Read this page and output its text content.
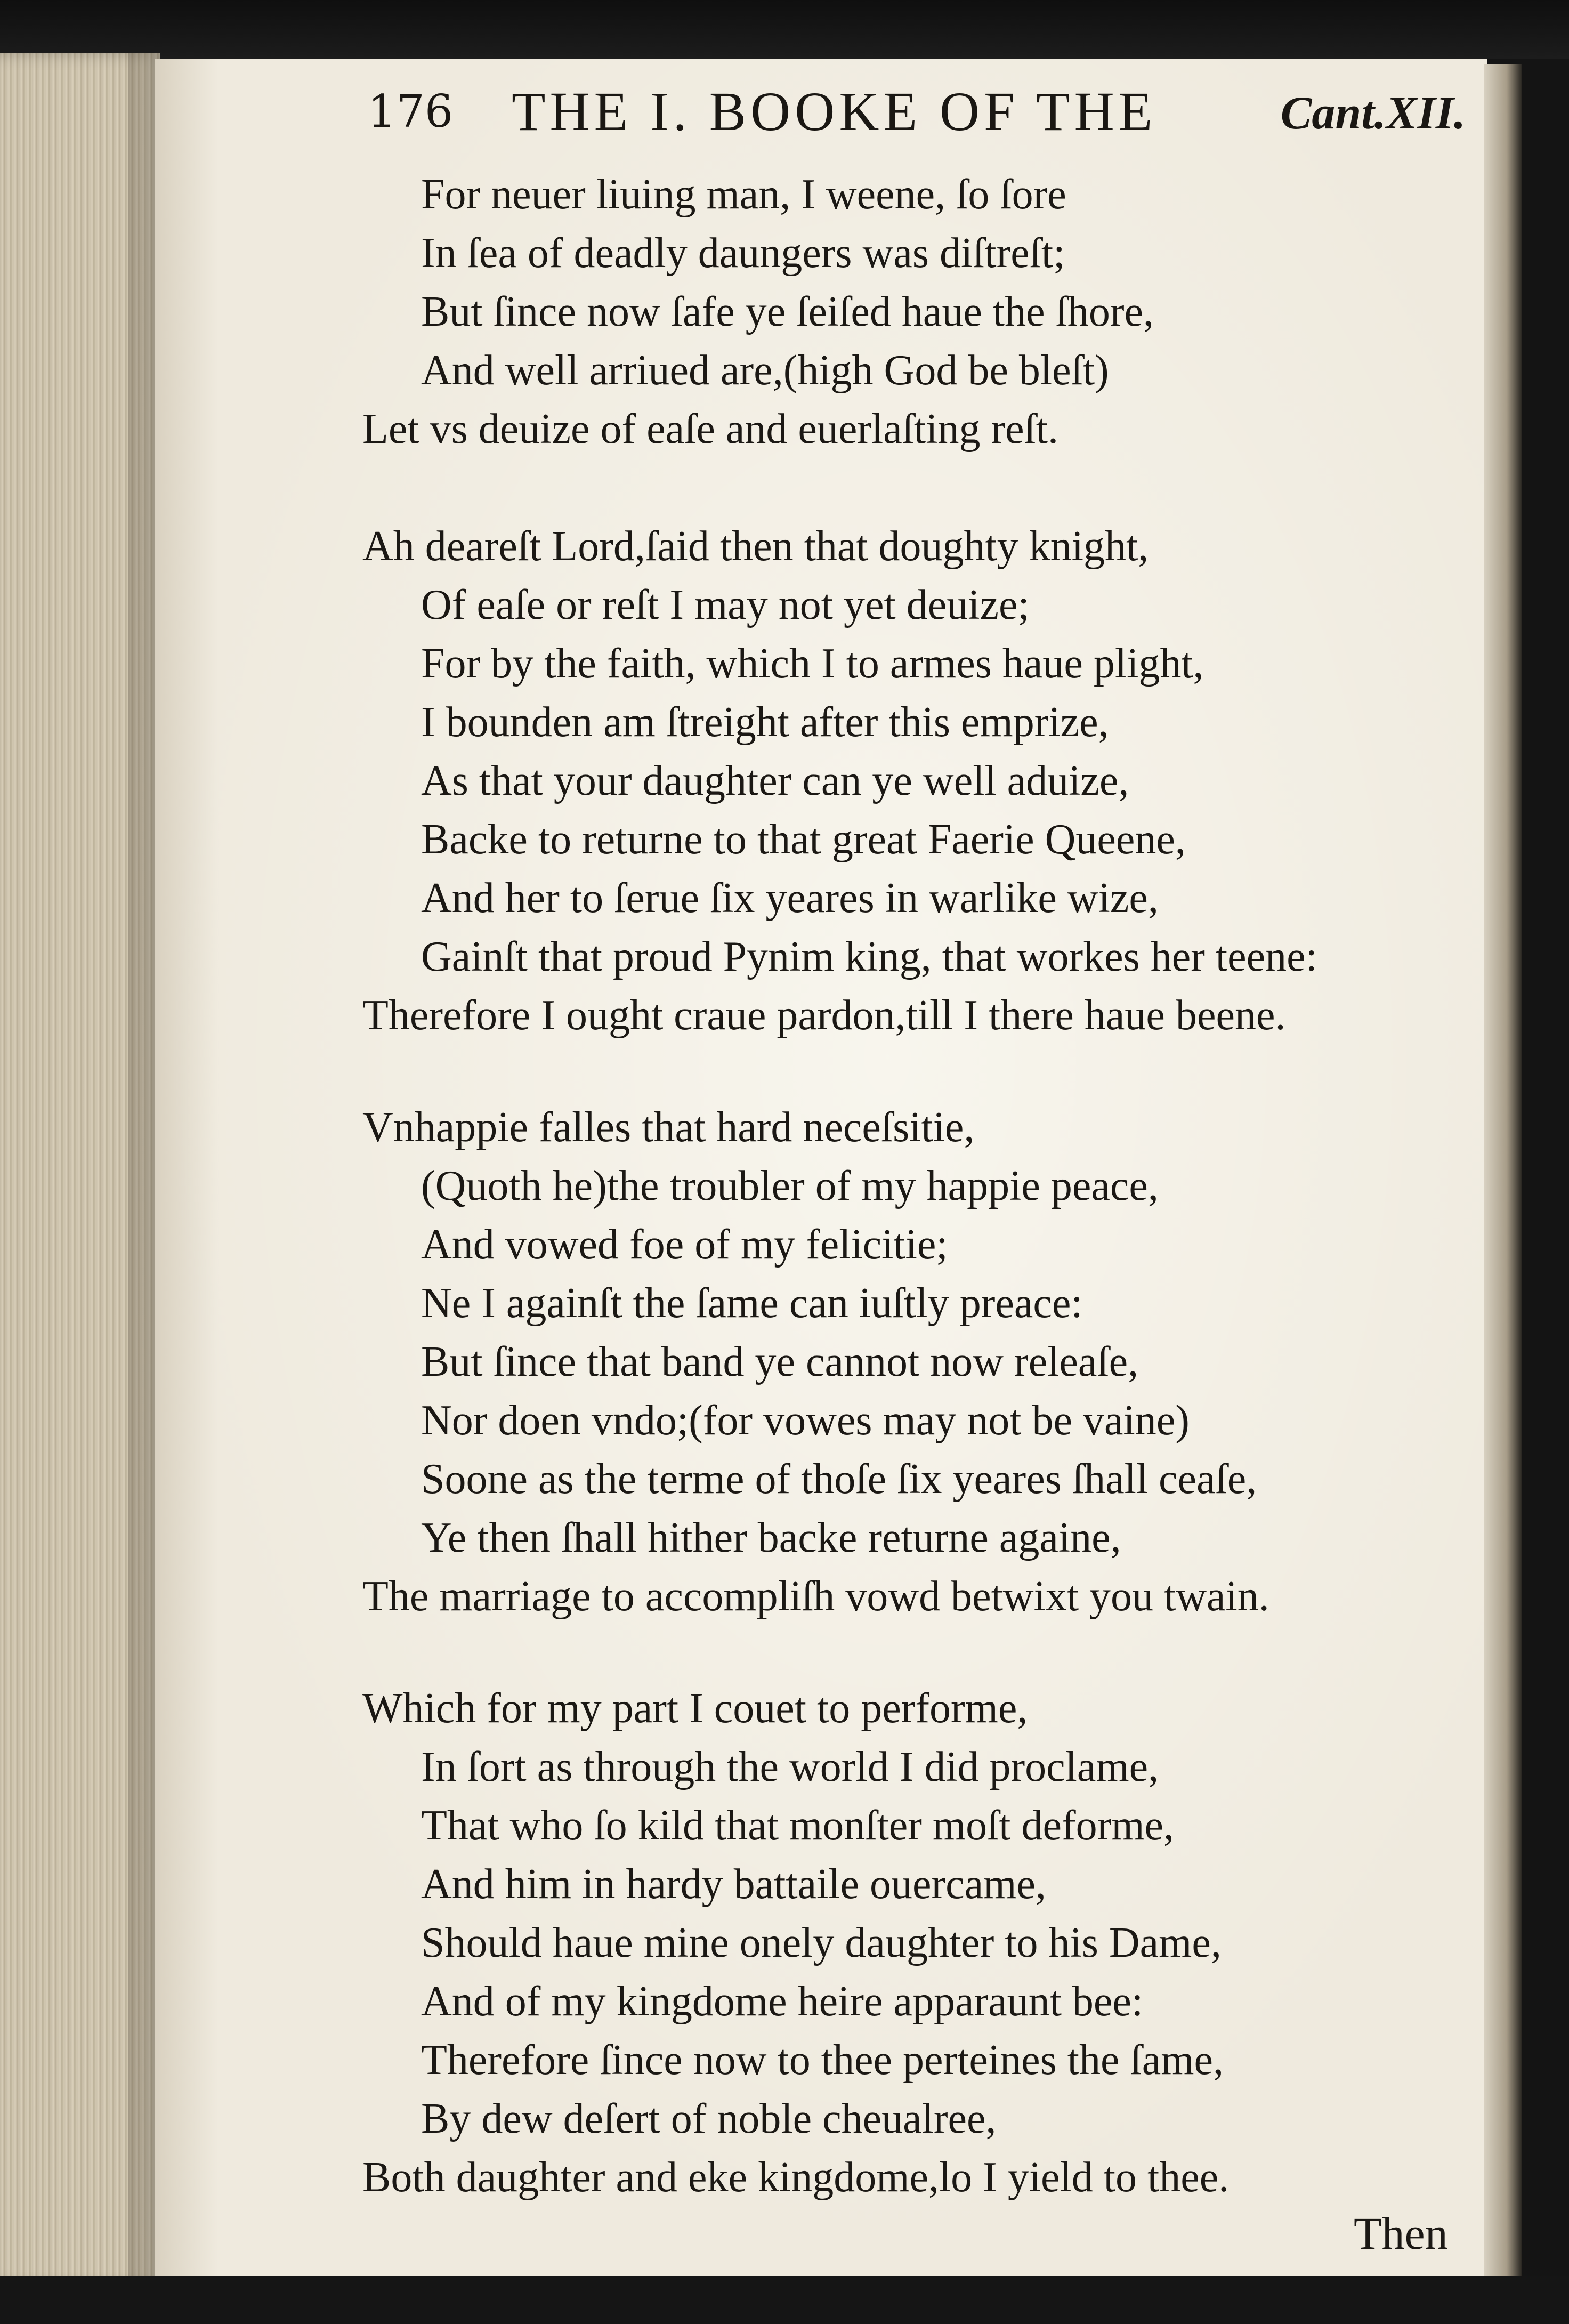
176 THE I. BOOKE OF THE	Cant.XII.
For neuer liuing man, I weene, ſo ſore
In ſea of deadly daungers was diſtreſt;
But ſince now ſafe ye ſeiſed haue the ſhore,
And well arriued are,(high God be bleſt)
Let vs deuize of eaſe and euerlaſting reſt.
Ah deareſt Lord,ſaid then that doughty knight,
Of eaſe or reſt I may not yet deuize;
For by the faith, which I to armes haue plight,
I bounden am ſtreight after this emprize,
As that your daughter can ye well aduize,
Backe to returne to that great Faerie Queene,
And her to ſerue ſix yeares in warlike wize,
Gainſt that proud Pynim king, that workes her teene:
Therefore I ought craue pardon,till I there haue beene.
Vnhappie falles that hard neceſsitie,
(Quoth he)the troubler of my happie peace,
And vowed foe of my felicitie;
Ne I againſt the ſame can iuſtly preace:
But ſince that band ye cannot now releaſe,
Nor doen vndo;(for vowes may not be vaine)
Soone as the terme of thoſe ſix yeares ſhall ceaſe,
Ye then ſhall hither backe returne againe,
The marriage to accompliſh vowd betwixt you twain.
Which for my part I couet to performe,
In ſort as through the world I did proclame,
That who ſo kild that monſter moſt deforme,
And him in hardy battaile ouercame,
Should haue mine onely daughter to his Dame,
And of my kingdome heire apparaunt bee:
Therefore ſince now to thee perteines the ſame,
By dew deſert of noble cheualree,
Both daughter and eke kingdome,lo I yield to thee.
Then
